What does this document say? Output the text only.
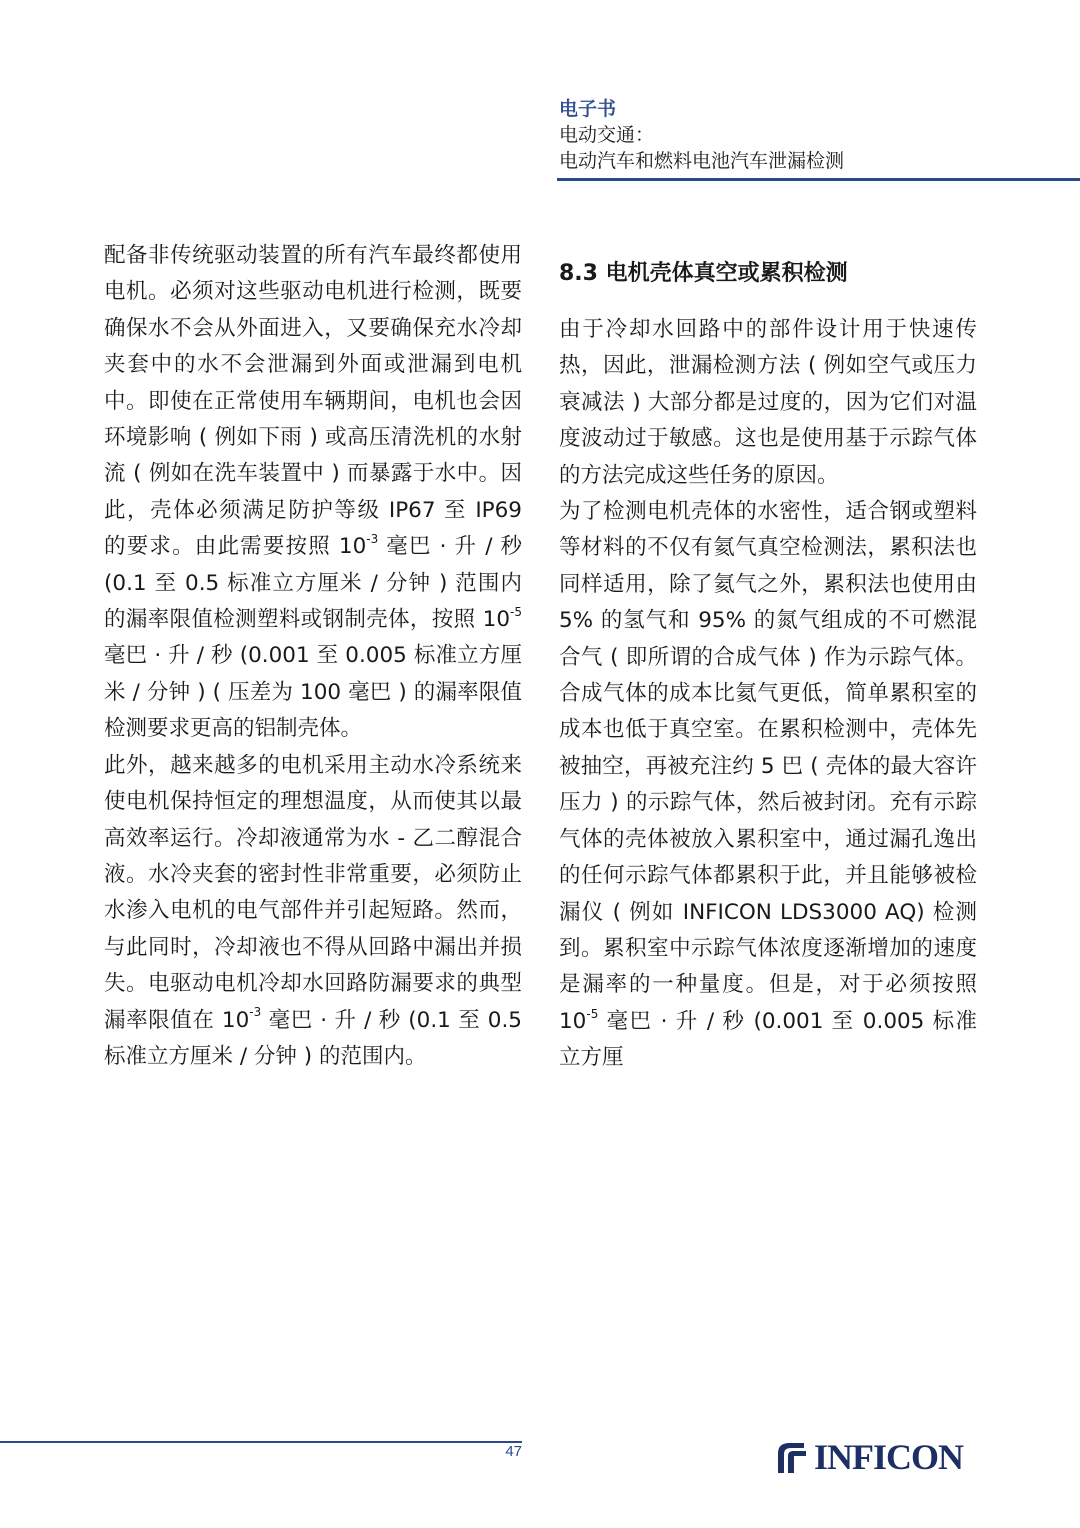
电子书
电动交通：
电动汽车和燃料电池汽车泄漏检测

配备非传统驱动装置的所有汽车最终都使用电机。必须对这些驱动电机进行检测，既要确保水不会从外面进入，又要确保充水冷却夹套中的水不会泄漏到外面或泄漏到电机中。即使在正常使用车辆期间，电机也会因环境影响 ( 例如下雨 ) 或高压清洗机的水射流 ( 例如在洗车装置中 ) 而暴露于水中。因此，壳体必须满足防护等级 IP67 至 IP69 的要求。由此需要按照 $10^{-3}$ 毫巴 · 升 / 秒 (0.1 至 0.5 标准立方厘米 / 分钟 ) 范围内的漏率限值检测塑料或钢制壳体，按照 $10^{-5}$ 毫巴 · 升 / 秒 (0.001 至 0.005 标准立方厘米 / 分钟 ) ( 压差为 100 毫巴 ) 的漏率限值检测要求更高的铝制壳体。

此外，越来越多的电机采用主动水冷系统来使电机保持恒定的理想温度，从而使其以最高效率运行。冷却液通常为水 - 乙二醇混合液。水冷夹套的密封性非常重要，必须防止水渗入电机的电气部件并引起短路。然而，与此同时，冷却液也不得从回路中漏出并损失。电驱动电机冷却水回路防漏要求的典型漏率限值在 $10^{-3}$ 毫巴 · 升 / 秒 (0.1 至 0.5 标准立方厘米 / 分钟 ) 的范围内。

8.3 电机壳体真空或累积检测

由于冷却水回路中的部件设计用于快速传热，因此，泄漏检测方法 ( 例如空气或压力衰减法 ) 大部分都是过度的，因为它们对温度波动过于敏感。这也是使用基于示踪气体的方法完成这些任务的原因。

为了检测电机壳体的水密性，适合钢或塑料等材料的不仅有氦气真空检测法，累积法也同样适用，除了氦气之外，累积法也使用由 5% 的氢气和 95% 的氮气组成的不可燃混合气 ( 即所谓的合成气体 ) 作为示踪气体。合成气体的成本比氦气更低，简单累积室的成本也低于真空室。在累积检测中，壳体先被抽空，再被充注约 5 巴 ( 壳体的最大容许压力 ) 的示踪气体，然后被封闭。充有示踪气体的壳体被放入累积室中，通过漏孔逸出的任何示踪气体都累积于此，并且能够被检漏仪 ( 例如 INFICON LDS3000 AQ) 检测到。累积室中示踪气体浓度逐渐增加的速度是漏率的一种量度。但是，对于必须按照 $10^{-5}$ 毫巴 · 升 / 秒 (0.001 至 0.005 标准立方厘

47	INFICON
